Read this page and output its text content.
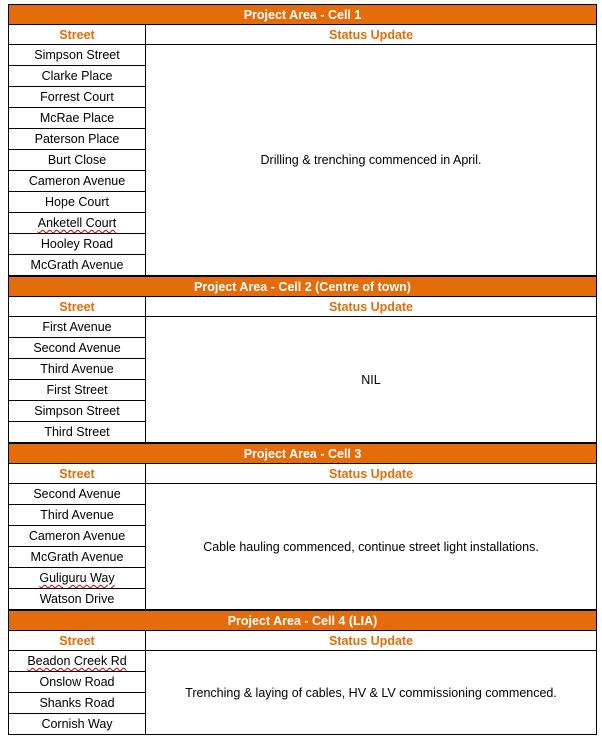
Project Area - Cell 1	
Street	Status Update
Simpson Street	Drilling & trenching commenced in April.
Clarke Place	
Forrest Court	
McRae Place	
Paterson Place	
Burt Close	
Cameron Avenue	
Hope Court	
Anketell Court	
Hooley Road	
McGrath Avenue	
Project Area - Cell 2 (Centre of town)	
Street	Status Update
First Avenue	NIL
Second Avenue	
Third Avenue	
First Street	
Simpson Street	
Third Street	
Project Area - Cell 3	
Street	Status Update
Second Avenue	Cable hauling commenced, continue street light installations.
Third Avenue	
Cameron Avenue	
McGrath Avenue	
Guliguru Way	
Watson Drive	
Project Area - Cell 4 (LIA)	
Street	Status Update
Beadon Creek Rd	Trenching & laying of cables, HV & LV commissioning commenced.
Onslow Road	
Shanks Road	
Cornish Way	
